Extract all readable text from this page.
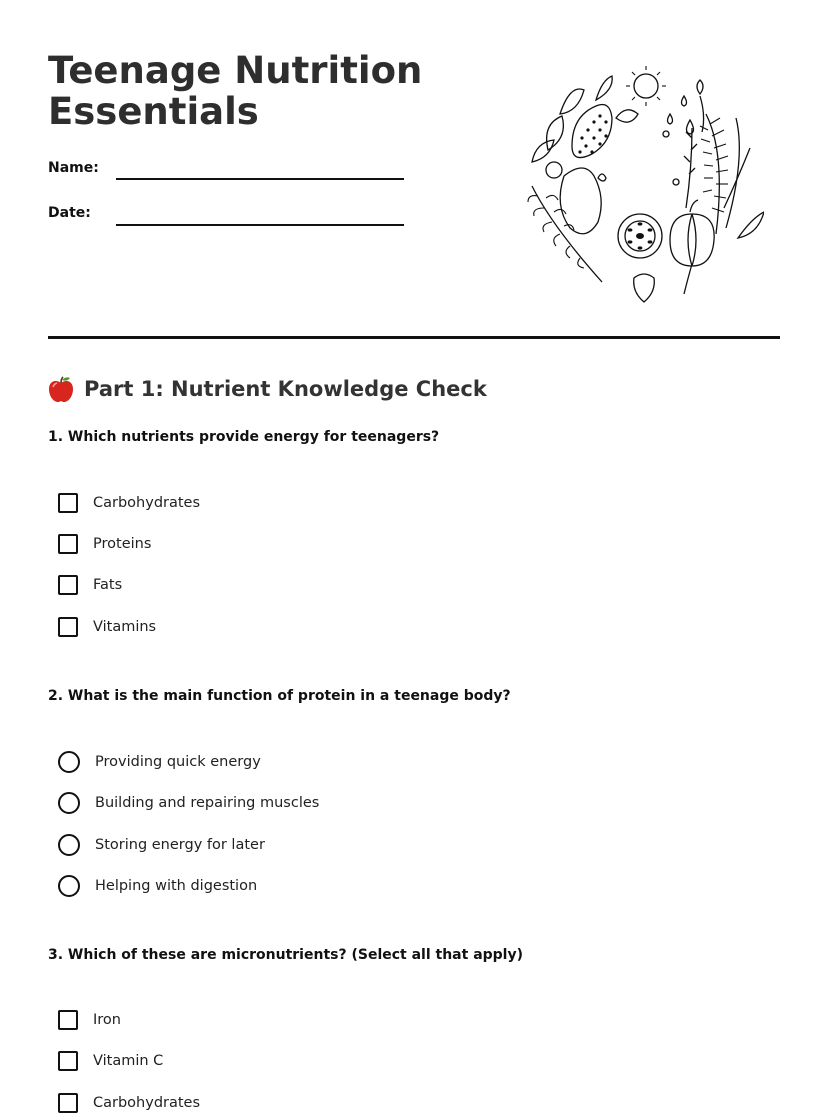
Teenage Nutrition
Essentials
Name:
Date:
Part 1: Nutrient Knowledge Check
1. Which nutrients provide energy for teenagers?
Carbohydrates
Proteins
Fats
Vitamins
2. What is the main function of protein in a teenage body?
Providing quick energy
Building and repairing muscles
Storing energy for later
Helping with digestion
3. Which of these are micronutrients? (Select all that apply)
Iron
Vitamin C
Carbohydrates
